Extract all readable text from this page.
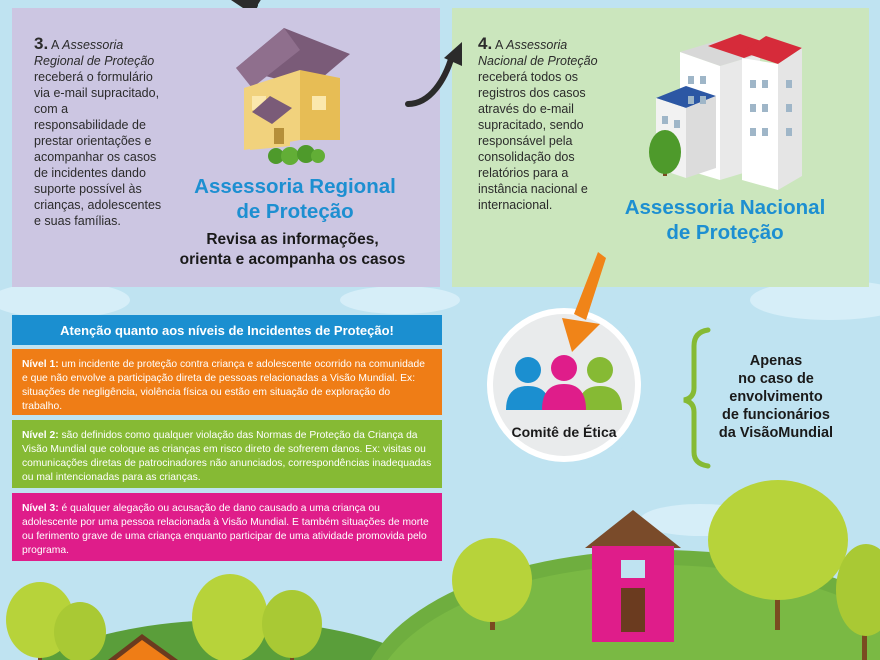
3. A Assessoria Regional de Proteção receberá o formulário via e-mail supracitado, com a responsabilidade de prestar orientações e acompanhar os casos de incidentes dando suporte possível às crianças, adolescentes e suas famílias.
4. A Assessoria Nacional de Proteção receberá todos os registros dos casos através do e-mail supracitado, sendo responsável pela consolidação dos relatórios para a instância nacional e internacional.
Assessoria Regional
de Proteção
Revisa as informações,
orienta e acompanha os casos
Assessoria Nacional
de Proteção
Atenção quanto aos níveis de Incidentes de Proteção!
Nível 1: um incidente de proteção contra criança e adolescente ocorrido na comunidade e que não envolve a participação direta de pessoas relacionadas a Visão Mundial. Ex: situações de negligência, violência física ou estão em situação de exploração do trabalho.
Nível 2: são definidos como qualquer violação das Normas de Proteção da Criança da Visão Mundial que coloque as crianças em risco direto de sofrerem danos. Ex: visitas ou comunicações diretas de patrocinadores não anunciados, correspondências inadequadas ou mal intencionadas para as crianças.
Nível 3: é qualquer alegação ou acusação de dano causado a uma criança ou adolescente por uma pessoa relacionada à Visão Mundial. E também situações de morte ou ferimento grave de uma criança enquanto participar de uma atividade promovida pelo programa.
Comitê de Ética
Apenas
no caso de
envolvimento
de funcionários
da VisãoMundial
